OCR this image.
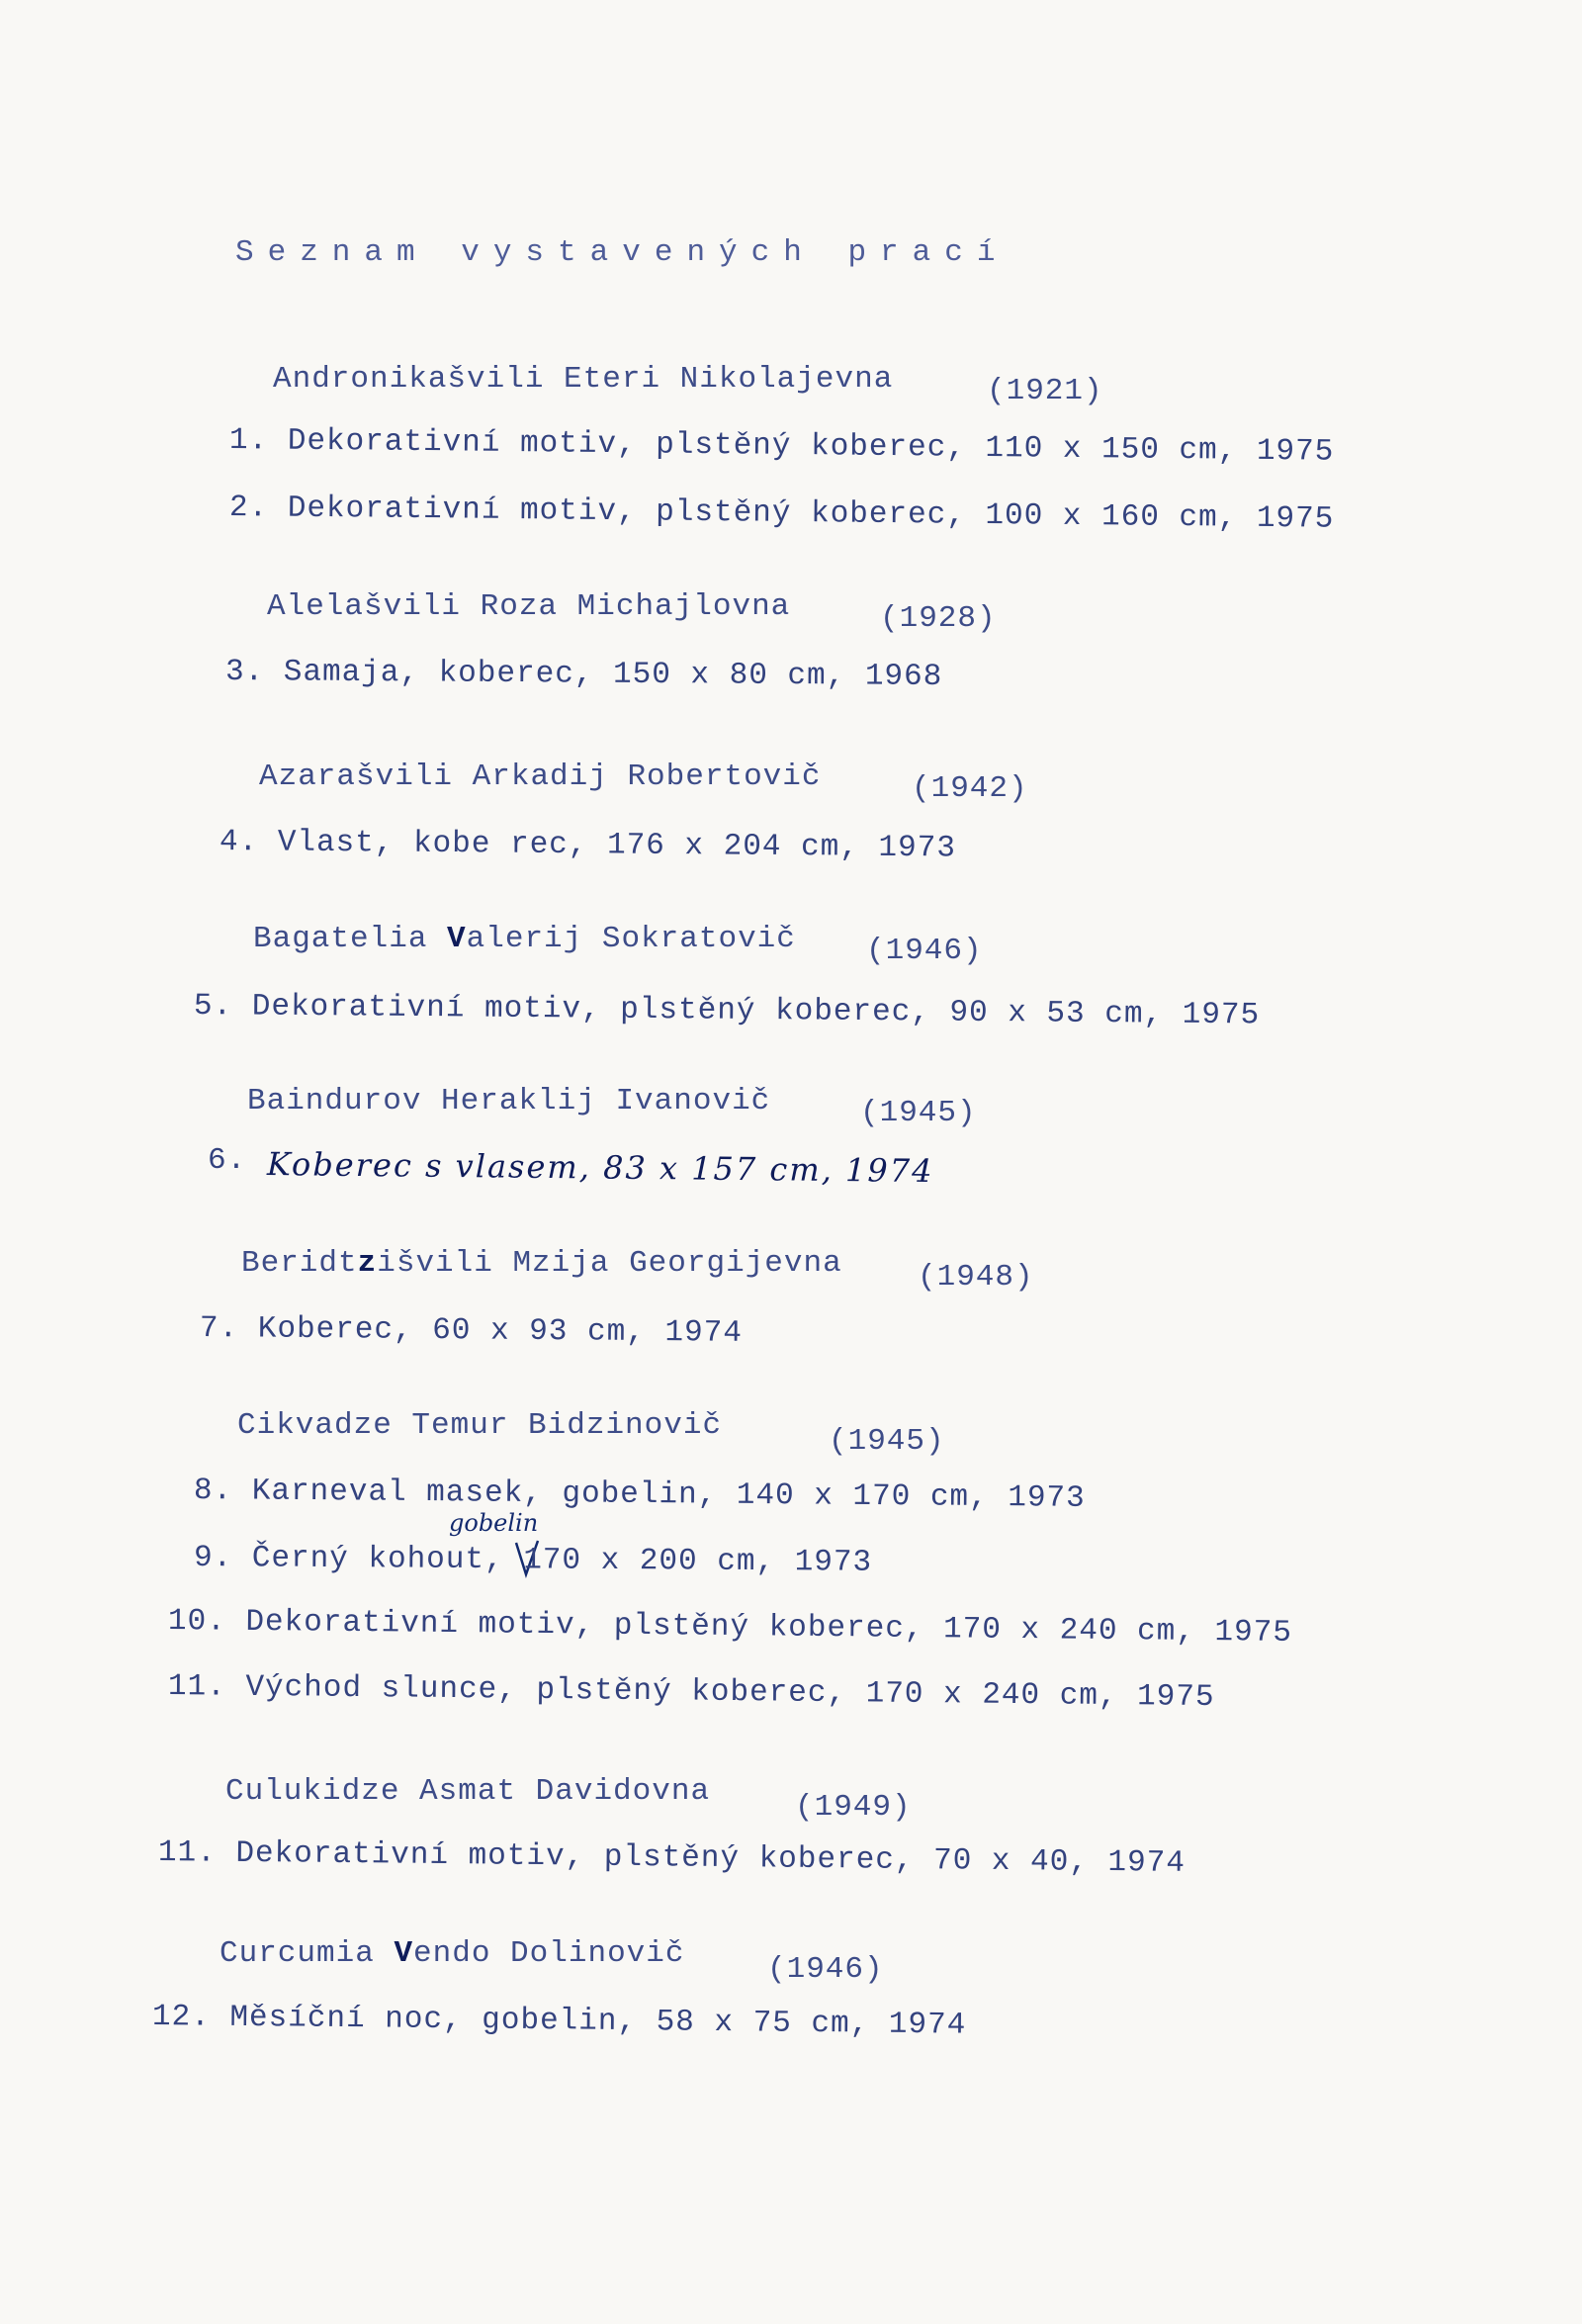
Seznam vystavených prací
Andronikašvili Eteri Nikolajevna	(1921)
1. Dekorativní motiv, plstěný koberec, 110 x 150 cm, 1975
2. Dekorativní motiv, plstěný koberec, 100 x 160 cm, 1975
Alelašvili Roza Michajlovna	(1928)
3. Samaja, koberec, 150 x 80 cm, 1968
Azarašvili Arkadij Robertovič	(1942)
4. Vlast, kobe rec, 176 x 204 cm, 1973
Bagatelia Valerij Sokratovič (1946)
5. Dekorativní motiv, plstěný koberec, 90 x 53 cm, 1975
Baindurov Heraklij Ivanovič	(1945)
6. Koberec s vlasem, 83 x 157 cm, 1974
Beridtzišvili Mzija Georgijevna (1948)
7. Koberec, 60 x 93 cm, 1974
Cikvadze Temur Bidzinovič	(1945)
8. Karneval masek, gobelin, 140 x 170 cm, 1973
gobelin
9. Černý kohout, 170 x 200 cm, 1973
10. Dekorativní motiv, plstěný koberec, 170 x 240 cm, 1975
11. Východ slunce, plstěný koberec, 170 x 240 cm, 1975
Culukidze Asmat Davidovna	(1949)
11. Dekorativní motiv, plstěný koberec, 70 x 40, 1974
Curcumia Vendo Dolinovič	(1946)
12. Měsíční noc, gobelin, 58 x 75 cm, 1974
